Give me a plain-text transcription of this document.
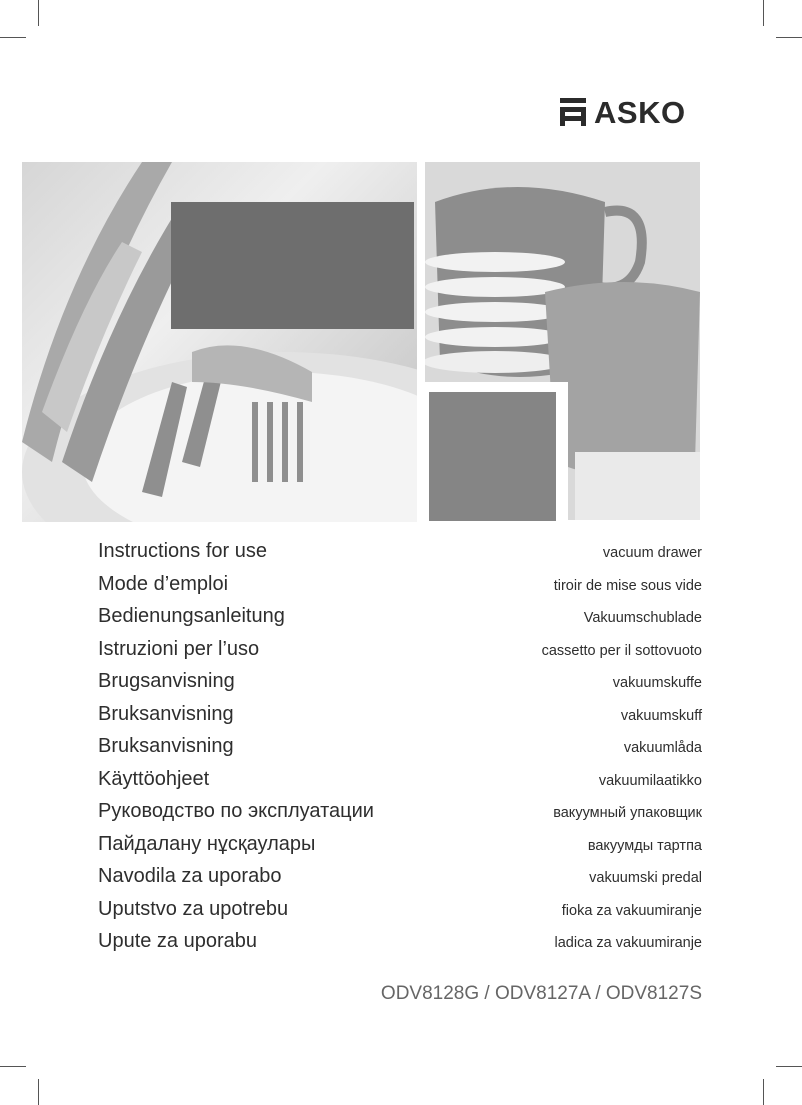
ASKO
Instructions for use	vacuum drawer
Mode d’emploi	tiroir de mise sous vide
Bedienungsanleitung	Vakuumschublade
Istruzioni per l’uso	cassetto per il sottovuoto
Brugsanvisning	vakuumskuffe
Bruksanvisning	vakuumskuff
Bruksanvisning	vakuumlåda
Käyttöohjeet	vakuumilaatikko
Руководство по эксплуатации	вакуумный упаковщик
Пайдалану нұсқаулары	вакуумды тартпа
Navodila za uporabo	vakuumski predal
Uputstvo za upotrebu	fioka za vakuumiranje
Upute za uporabu	ladica za vakuumiranje
ODV8128G / ODV8127A / ODV8127S
